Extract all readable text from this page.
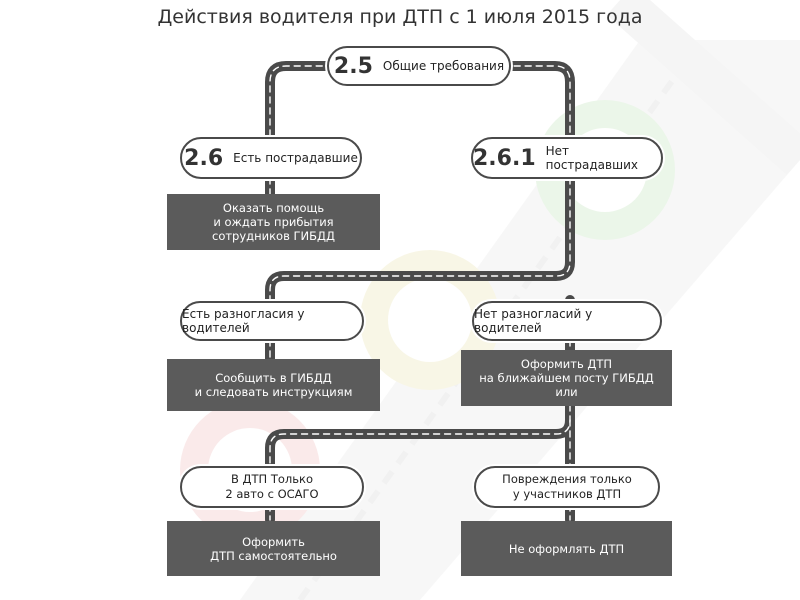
Действия водителя при ДТП с 1 июля 2015 года
2.5 Общие требования
2.6 Есть пострадавшие	2.6.1 Нет пострадавших
Оказать помощь
и ождать прибытия
сотрудников ГИБДД
Есть разногласия у водителей
Нет разногласий у водителей
Сообщить в ГИБДД
и следовать инструкциям
Оформить ДТП
на ближайшем посту ГИБДД
или
В ДТП Только
2 авто с ОСАГО
Повреждения только
у участников ДТП
Оформить
ДТП самостоятельно	Не оформлять ДТП
